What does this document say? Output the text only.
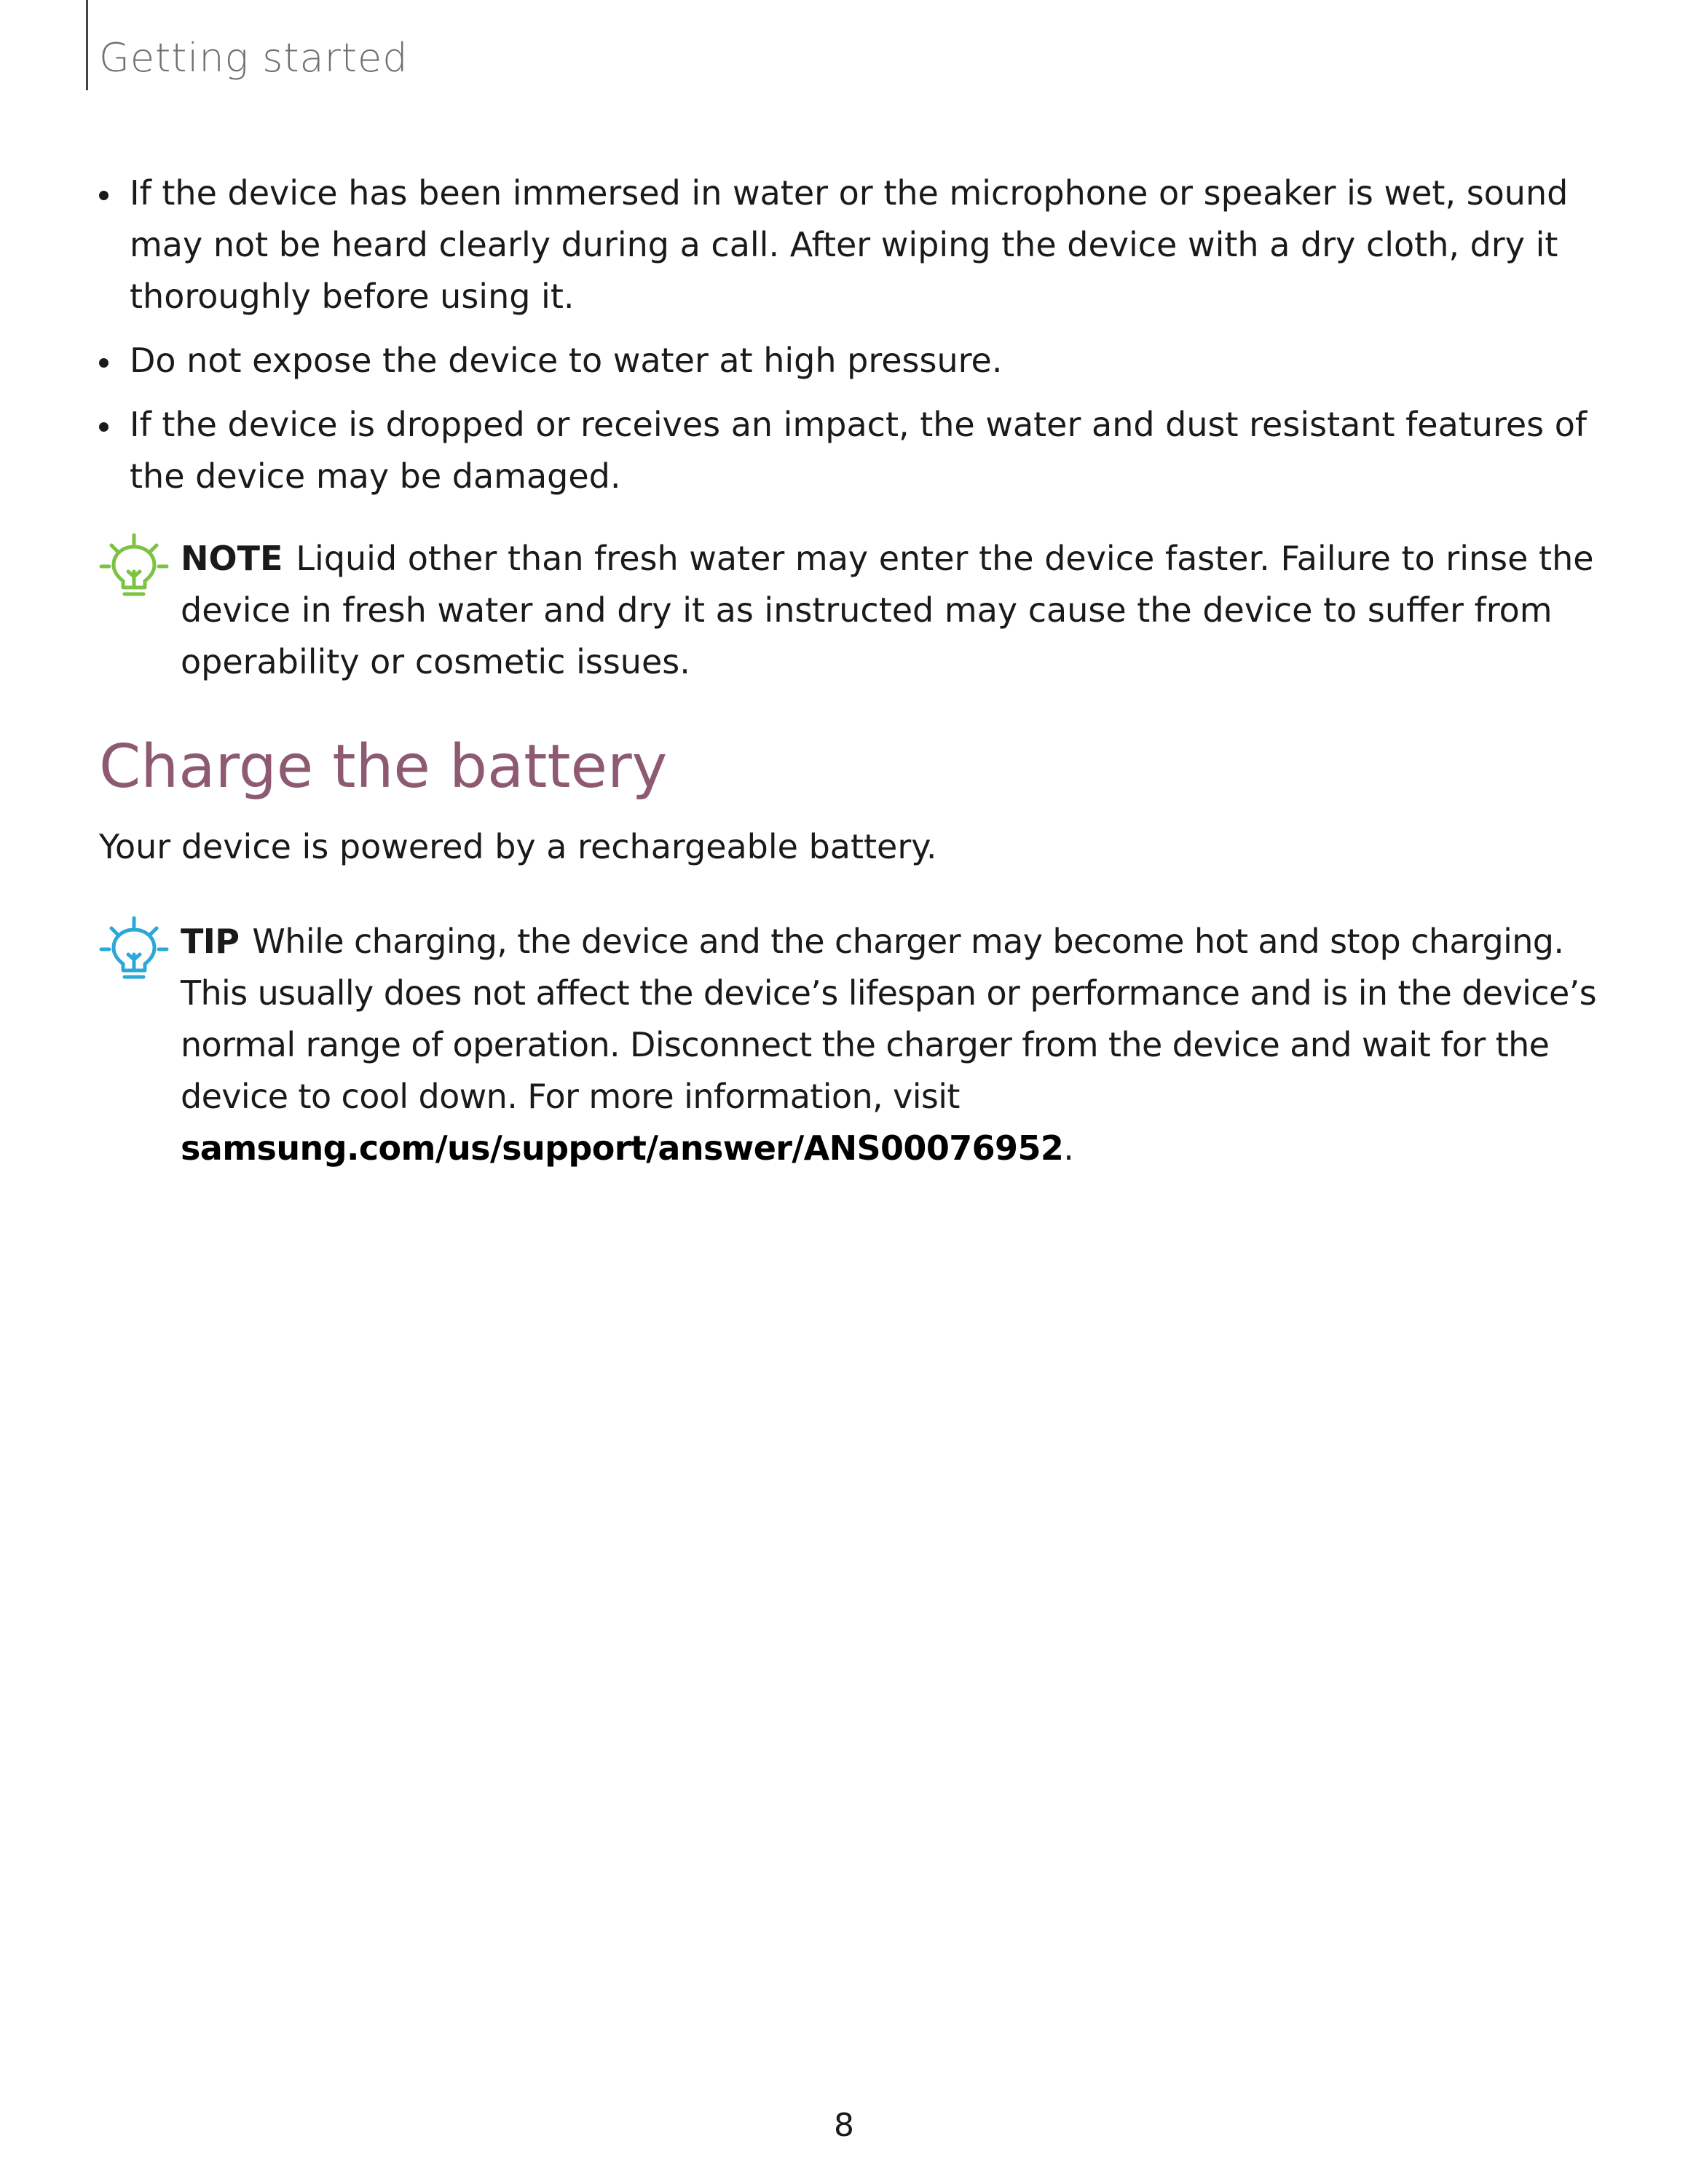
Getting started
If the device has been immersed in water or the microphone or speaker is wet, sound may not be heard clearly during a call. After wiping the device with a dry cloth, dry it thoroughly before using it.
Do not expose the device to water at high pressure.
If the device is dropped or receives an impact, the water and dust resistant features of the device may be damaged.
NOTE Liquid other than fresh water may enter the device faster. Failure to rinse the device in fresh water and dry it as instructed may cause the device to suffer from operability or cosmetic issues.
Charge the battery

Your device is powered by a rechargeable battery.

TIP While charging, the device and the charger may become hot and stop charging. This usually does not affect the device’s lifespan or performance and is in the device’s normal range of operation. Disconnect the charger from the device and wait for the device to cool down. For more information, visit
samsung.com/us/support/answer/ANS00076952.
8
